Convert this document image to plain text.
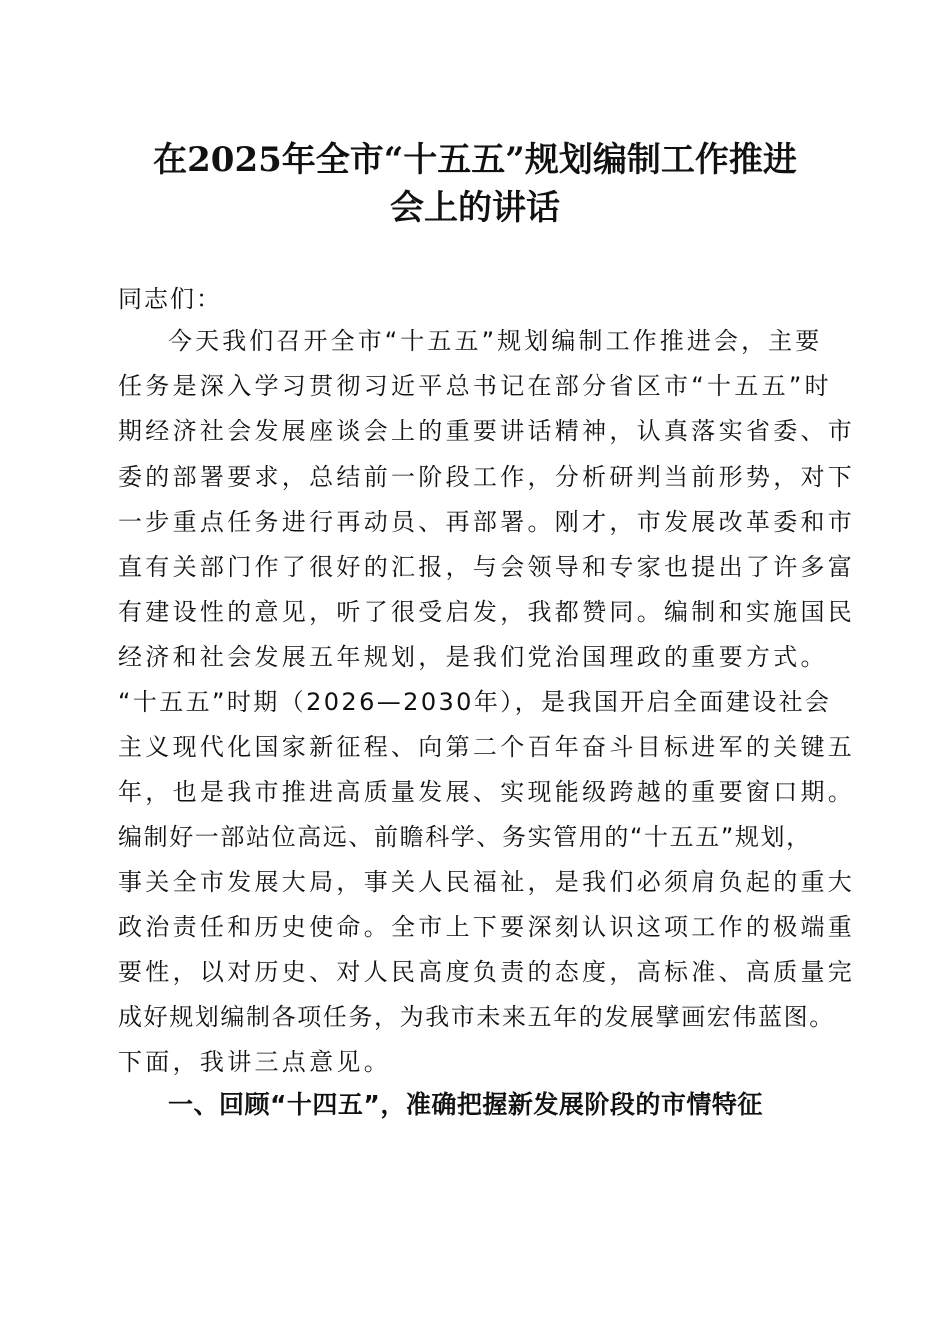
在2025年全市“十五五”规划编制工作推进
会上的讲话
同志们：
今天我们召开全市“十五五”规划编制工作推进会，主要
任务是深入学习贯彻习近平总书记在部分省区市“十五五”时
期经济社会发展座谈会上的重要讲话精神，认真落实省委、市
委的部署要求，总结前一阶段工作，分析研判当前形势，对下
一步重点任务进行再动员、再部署。刚才，市发展改革委和市
直有关部门作了很好的汇报，与会领导和专家也提出了许多富
有建设性的意见，听了很受启发，我都赞同。编制和实施国民
经济和社会发展五年规划，是我们党治国理政的重要方式。
“十五五”时期（2026—2030年），是我国开启全面建设社会
主义现代化国家新征程、向第二个百年奋斗目标进军的关键五
年，也是我市推进高质量发展、实现能级跨越的重要窗口期。
编制好一部站位高远、前瞻科学、务实管用的“十五五”规划，
事关全市发展大局，事关人民福祉，是我们必须肩负起的重大
政治责任和历史使命。全市上下要深刻认识这项工作的极端重
要性，以对历史、对人民高度负责的态度，高标准、高质量完
成好规划编制各项任务，为我市未来五年的发展擘画宏伟蓝图。
下面，我讲三点意见。
一、回顾“十四五”，准确把握新发展阶段的市情特征
